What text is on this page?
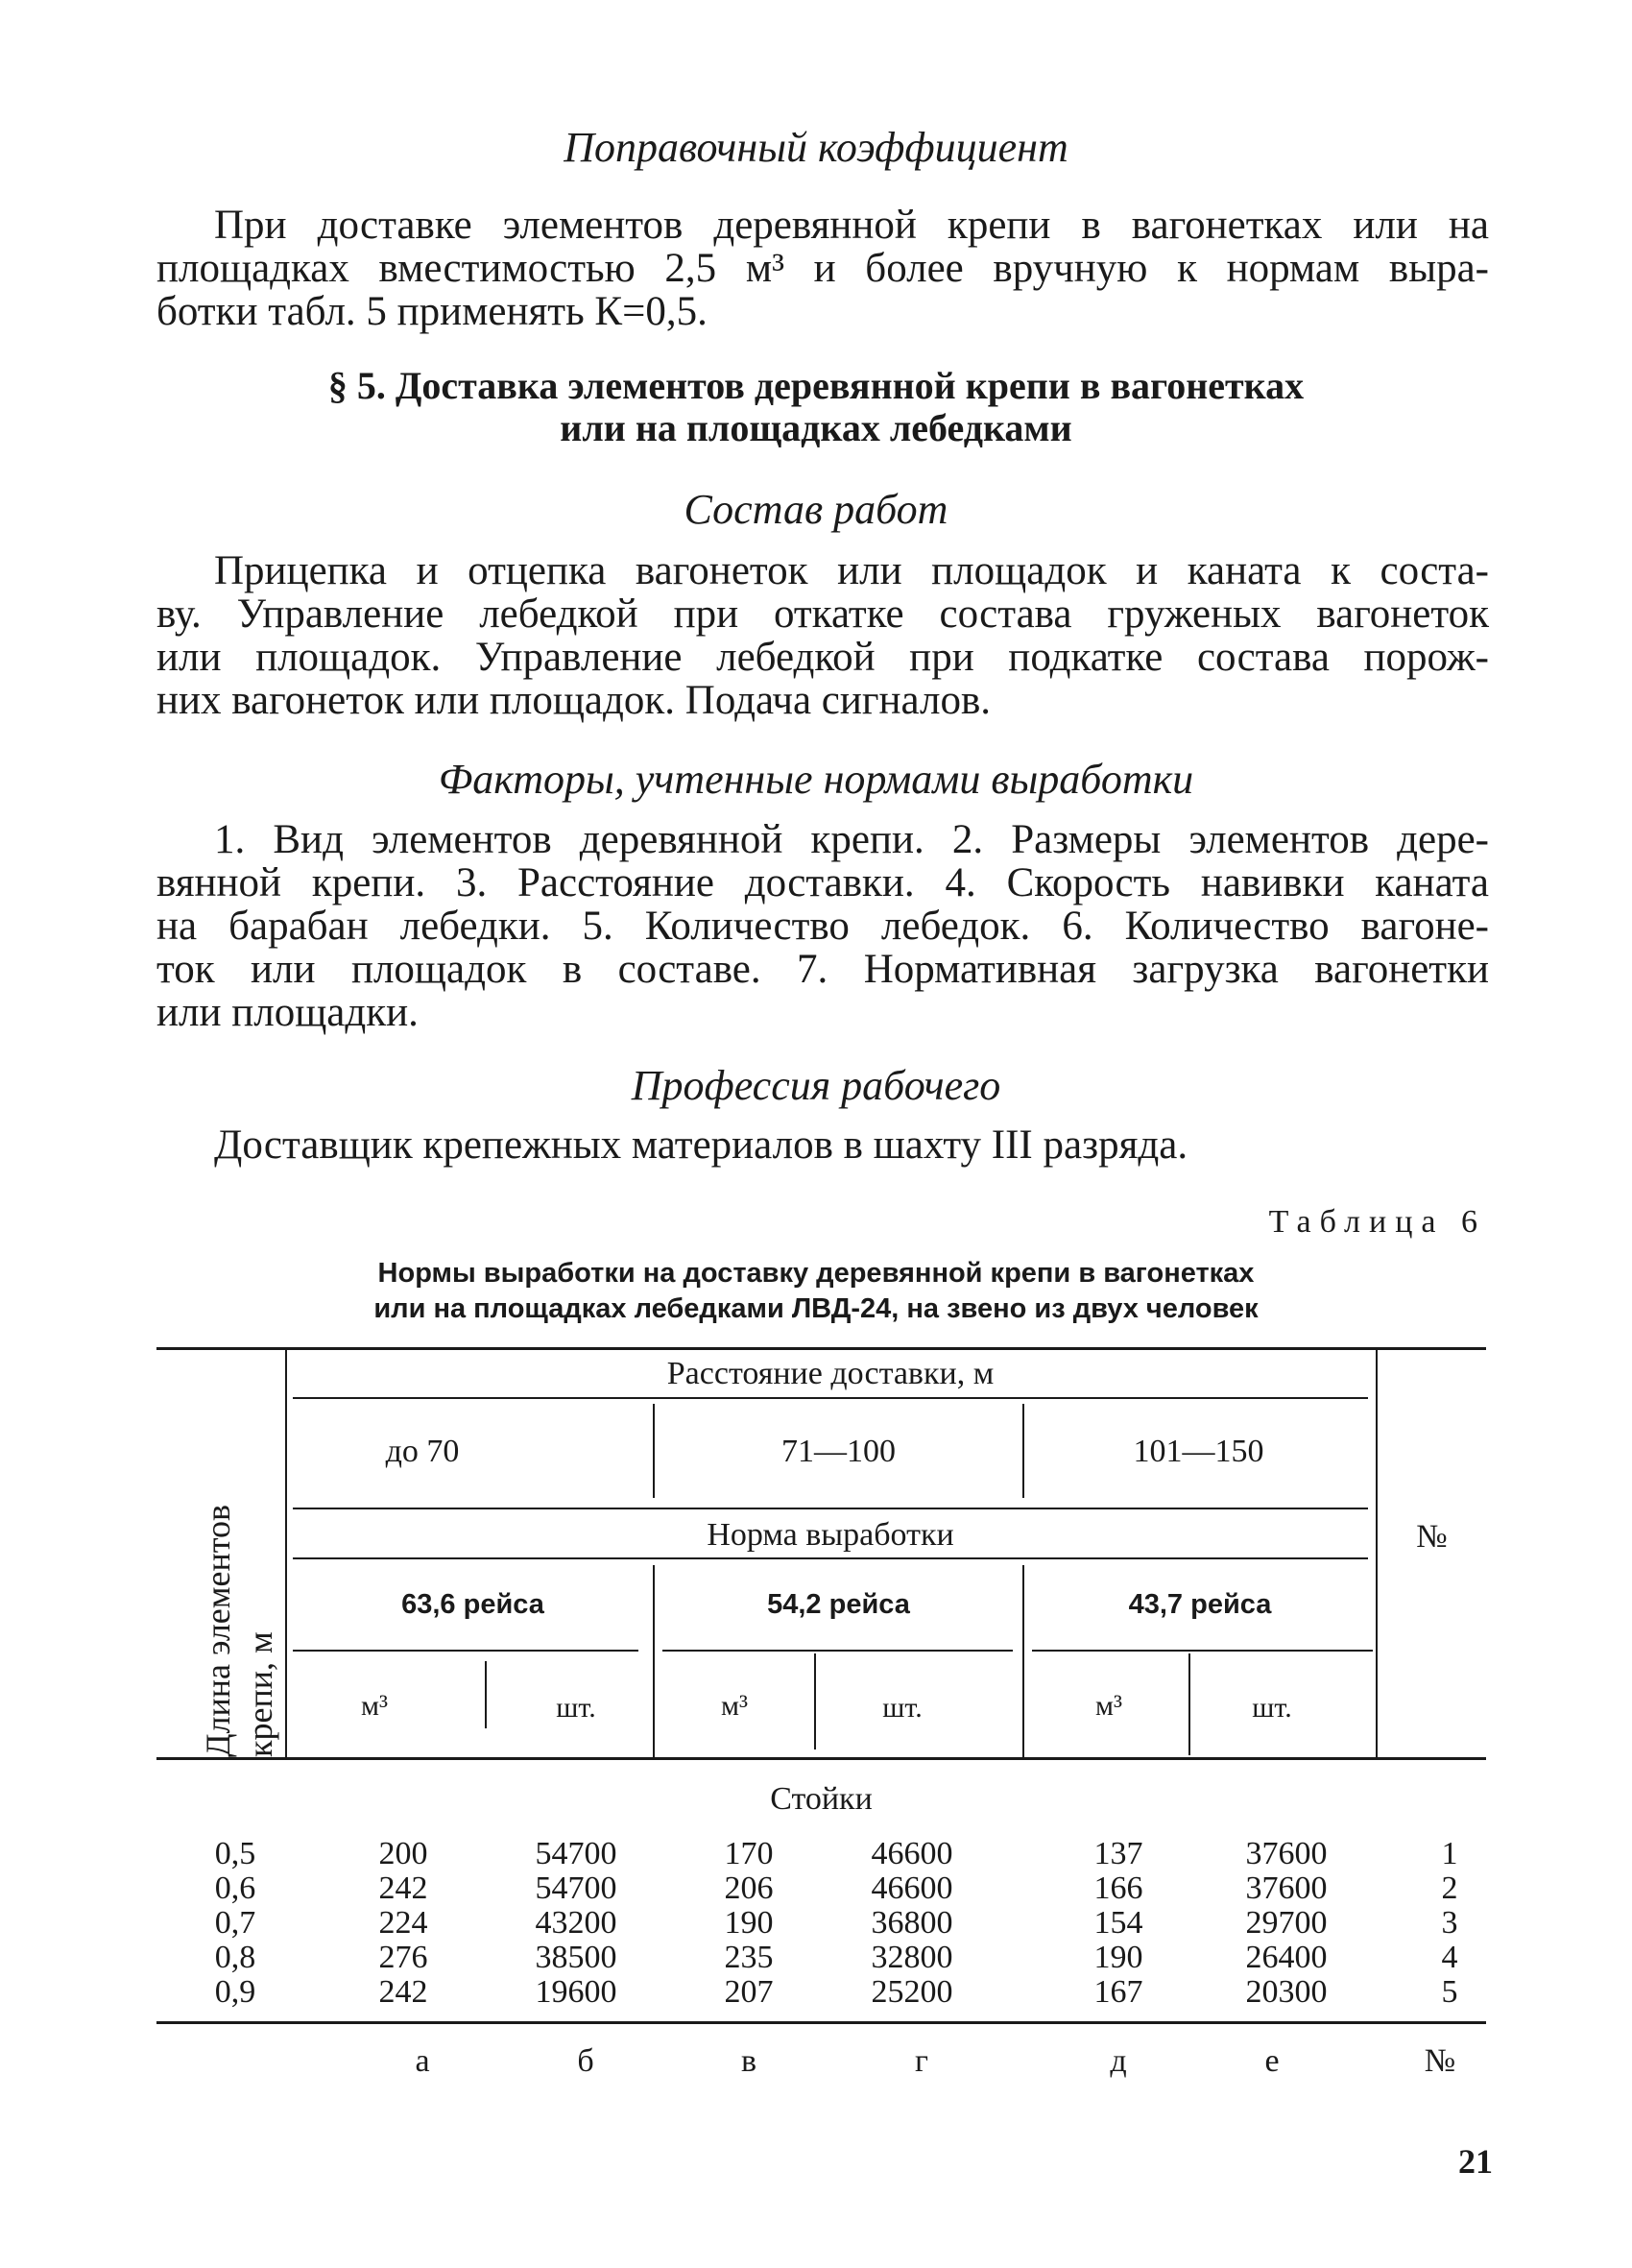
Поправочный коэффициент
При доставке элементов деревянной крепи в вагонетках или на
площадках вместимостью 2,5 м³ и более вручную к нормам выра-
ботки табл. 5 применять К=0,5.
§ 5. Доставка элементов деревянной крепи в вагонетках
или на площадках лебедками
Состав работ
Прицепка и отцепка вагонеток или площадок и каната к соста-
ву. Управление лебедкой при откатке состава груженых вагонеток
или площадок. Управление лебедкой при подкатке состава порож-
них вагонеток или площадок. Подача сигналов.
Факторы, учтенные нормами выработки
1. Вид элементов деревянной крепи. 2. Размеры элементов дере-
вянной крепи. 3. Расстояние доставки. 4. Скорость навивки каната
на барабан лебедки. 5. Количество лебедок. 6. Количество вагоне-
ток или площадок в составе. 7. Нормативная загрузка вагонетки
или площадки.
Профессия рабочего
Доставщик крепежных материалов в шахту III разряда.
Таблица 6
Нормы выработки на доставку деревянной крепи в вагонетках
или на площадках лебедками ЛВД-24, на звено из двух человек
Длина элементов крепи, м
Расстояние доставки, м
до 70	71—100	101—150
Норма выработки	№
63,6 рейса	54,2 рейса	43,7 рейса
м³	шт.	м³	шт.	м³	шт.
Стойки
0,5	200	54700	170	46600	137	37600	1
0,6	242	54700	206	46600	166	37600	2
0,7	224	43200	190	36800	154	29700	3
0,8	276	38500	235	32800	190	26400	4
0,9	242	19600	207	25200	167	20300	5
а	б	в	г	д	е	№
21
